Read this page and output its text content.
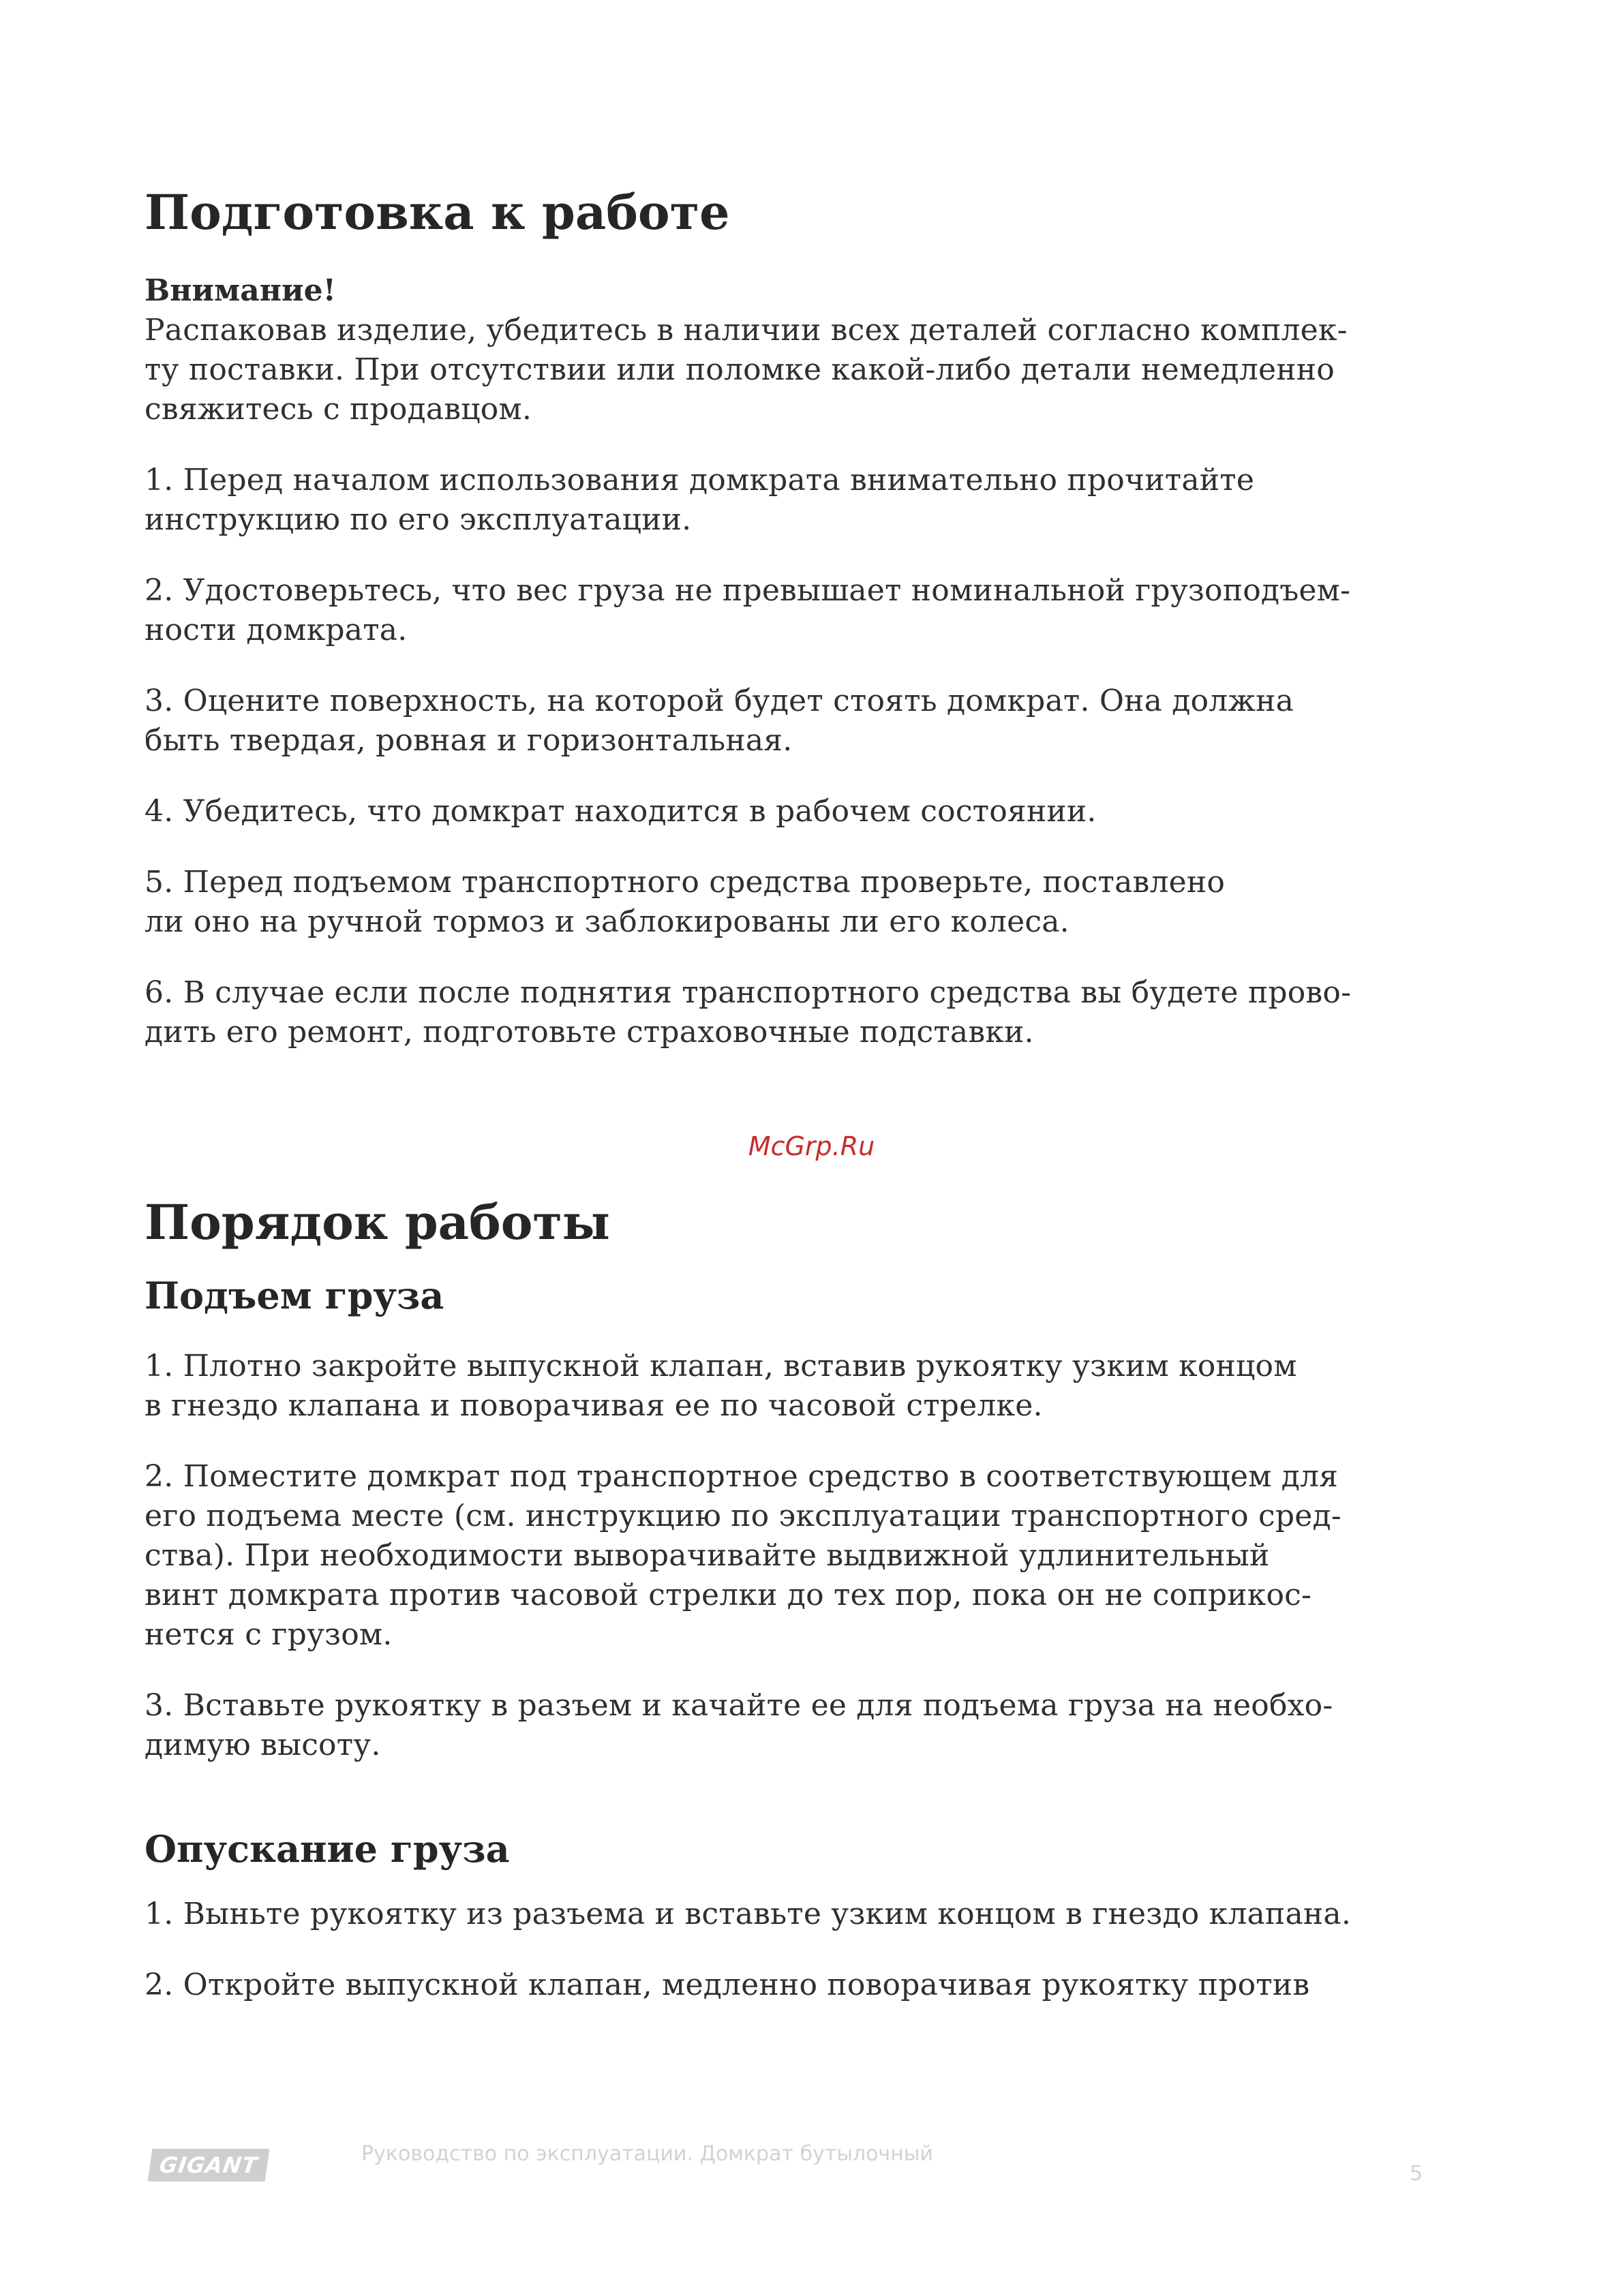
Подготовка к работе
Внимание!

Распаковав изделие, убедитесь в наличии всех деталей согласно комплек-
ту поставки. При отсутствии или поломке какой-либо детали немедленно
свяжитесь с продавцом.

1. Перед началом использования домкрата внимательно прочитайте
инструкцию по его эксплуатации.

2. Удостоверьтесь, что вес груза не превышает номинальной грузоподъем-
ности домкрата.

3. Оцените поверхность, на которой будет стоять домкрат. Она должна
быть твердая, ровная и горизонтальная.

4. Убедитесь, что домкрат находится в рабочем состоянии.

5. Перед подъемом транспортного средства проверьте, поставлено
ли оно на ручной тормоз и заблокированы ли его колеса.

6. В случае если после поднятия транспортного средства вы будете прово-
дить его ремонт, подготовьте страховочные подставки.

Порядок работы
Подъем груза

1. Плотно закройте выпускной клапан, вставив рукоятку узким концом
в гнездо клапана и поворачивая ее по часовой стрелке.

2. Поместите домкрат под транспортное средство в соответствующем для
его подъема месте (см. инструкцию по эксплуатации транспортного сред-
ства). При необходимости выворачивайте выдвижной удлинительный
винт домкрата против часовой стрелки до тех пор, пока он не соприкос-
нется с грузом.

3. Вставьте рукоятку в разъем и качайте ее для подъема груза на необхо-
димую высоту.

Опускание груза

1. Выньте рукоятку из разъема и вставьте узким концом в гнездо клапана.

2. Откройте выпускной клапан, медленно поворачивая рукоятку против

McGrp.Ru
GIGANT	Руководство по эксплуатации. Домкрат бутылочный
5
